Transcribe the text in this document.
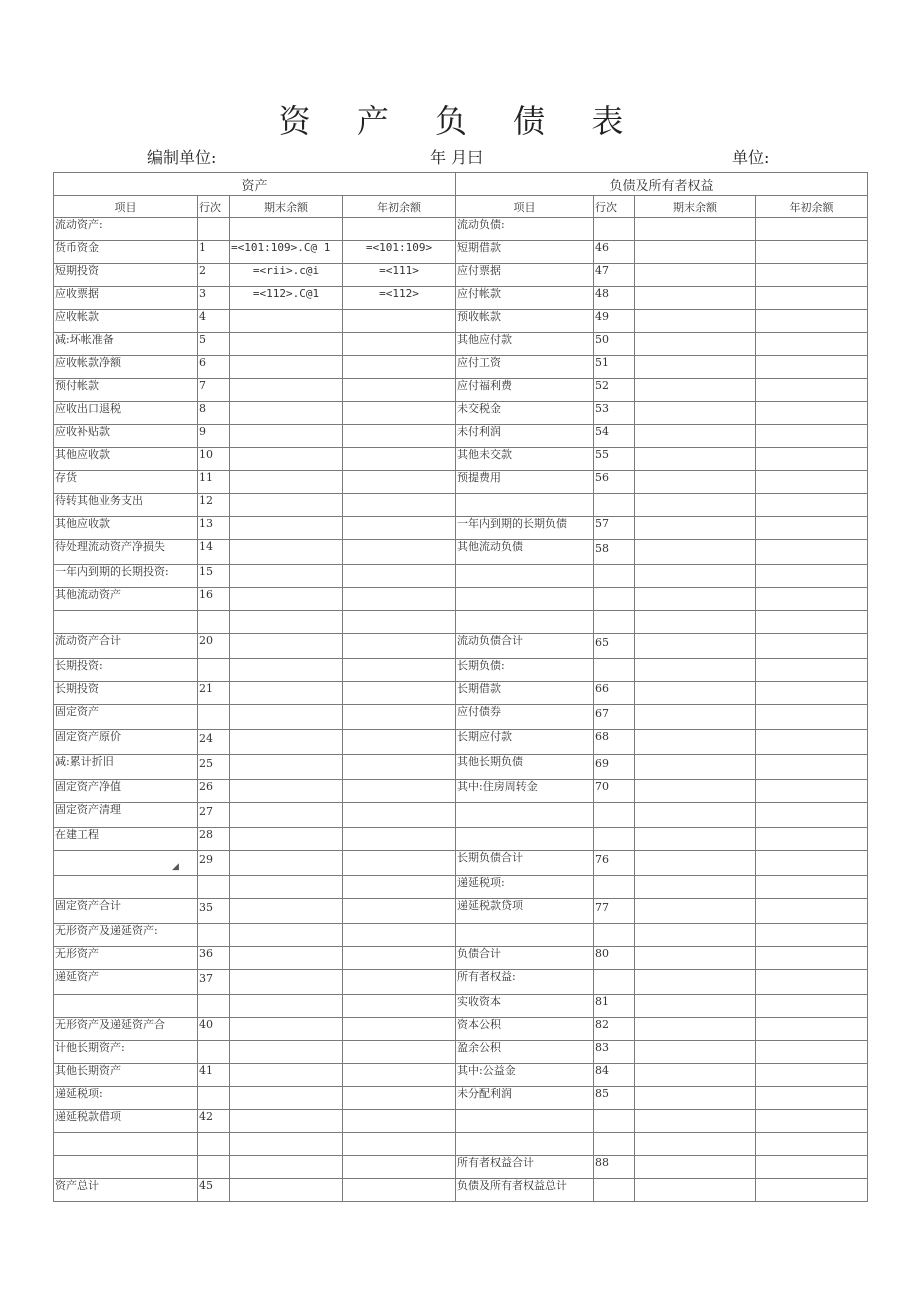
资 产 负 债 表
编制单位:	年 月曰	单位:
资产				负债及所有者权益			
项目	行次	期末余额	年初余额	项目	行次	期末余额	年初余额
流动资产:				流动负债:			
货币资金	1	=<101:109>.C@ 1	=<101:109>	短期借款	46		
短期投资	2	=<rii>.c@i	=<111>	应付票据	47		
应收票据	3	=<112>.C@1	=<112>	应付帐款	48		
应收帐款	4			预收帐款	49		
减:坏帐准备	5			其他应付款	50		
应收帐款净额	6			应付工资	51		
预付帐款	7			应付福利费	52		
应收出口退税	8			未交税金	53		
应收补贴款	9			未付利润	54		
其他应收款	10			其他未交款	55		
存货	11			预提费用	56		
待转其他业务支出	12						
其他应收款	13			一年内到期的长期负债	57		
待处理流动资产净损失	14			其他流动负债	58		
一年内到期的长期投资:	15						
其他流动资产	16						

流动资产合计	20			流动负债合计	65		
长期投资:				长期负债:			
长期投资	21			长期借款	66		
固定资产				应付债券	67		
固定资产原价	24			长期应付款	68		
减:累计折旧	25			其他长期负债	69		
固定资产净值	26			其中:住房周转金	70		
固定资产清理	27						
在建工程	28						
	29			长期负债合计	76		
				递延税项:			
固定资产合计	35			递延税款贷项	77		
无形资产及递延资产:							
无形资产	36			负债合计	80		
递延资产	37			所有者权益:			
				实收资本	81		
无形资产及递延资产合	40			资本公积	82		
计他长期资产:				盈余公积	83		
其他长期资产	41			其中:公益金	84		
递延税项:				未分配利润	85		
递延税款借项	42						

				所有者权益合计	88		
资产总计	45			负债及所有者权益总计			
◢
